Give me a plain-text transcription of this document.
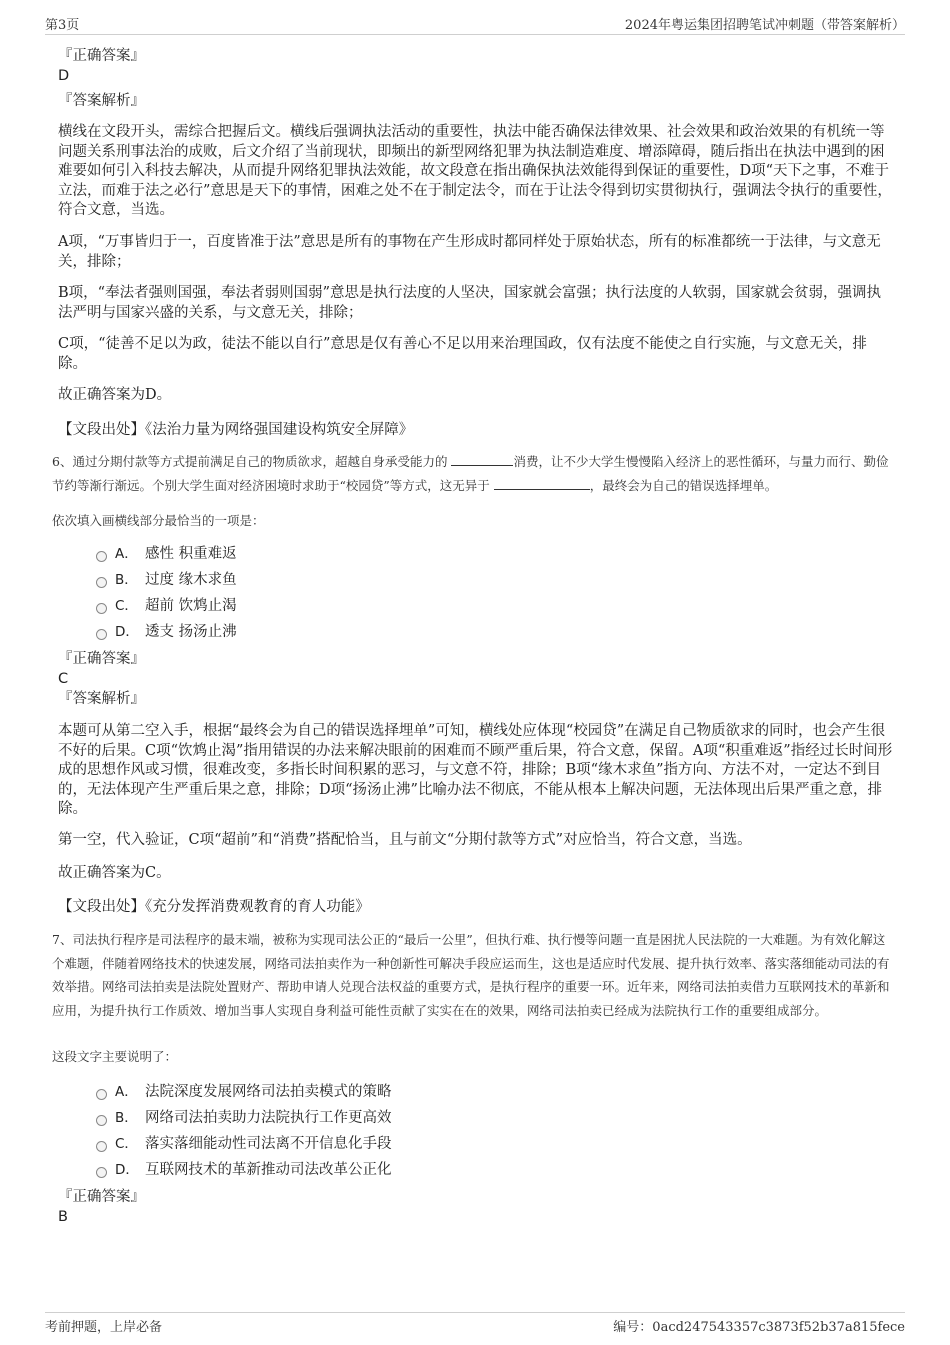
第3页	2024年粤运集团招聘笔试冲刺题（带答案解析）
『正确答案』
D
『答案解析』
横线在文段开头，需综合把握后文。横线后强调执法活动的重要性，执法中能否确保法律效果、社会效果和政治效果的有机统一等问题关系刑事法治的成败，后文介绍了当前现状，即频出的新型网络犯罪为执法制造难度、增添障碍，随后指出在执法中遇到的困难要如何引入科技去解决，从而提升网络犯罪执法效能，故文段意在指出确保执法效能得到保证的重要性，D项“天下之事，不难于立法，而难于法之必行”意思是天下的事情，困难之处不在于制定法令，而在于让法令得到切实贯彻执行，强调法令执行的重要性，符合文意，当选。
A项，“万事皆归于一，百度皆准于法”意思是所有的事物在产生形成时都同样处于原始状态，所有的标准都统一于法律，与文意无关，排除；
B项，“奉法者强则国强，奉法者弱则国弱”意思是执行法度的人坚决，国家就会富强；执行法度的人软弱，国家就会贫弱，强调执法严明与国家兴盛的关系，与文意无关，排除；
C项，“徒善不足以为政，徒法不能以自行”意思是仅有善心不足以用来治理国政，仅有法度不能使之自行实施，与文意无关，排除。
故正确答案为D。
【文段出处】《法治力量为网络强国建设构筑安全屏障》
6、通过分期付款等方式提前满足自己的物质欲求，超越自身承受能力的	消费，让不少大学生慢慢陷入经济上的恶性循环，与量力而行、勤俭节约等渐行渐远。个别大学生面对经济困境时求助于“校园贷”等方式，这无异于	，最终会为自己的错误选择埋单。
依次填入画横线部分最恰当的一项是：
A． 感性 积重难返
B． 过度 缘木求鱼
C． 超前 饮鸩止渴
D． 透支 扬汤止沸
『正确答案』
C
『答案解析』
本题可从第二空入手，根据“最终会为自己的错误选择埋单”可知，横线处应体现“校园贷”在满足自己物质欲求的同时，也会产生很不好的后果。C项“饮鸩止渴”指用错误的办法来解决眼前的困难而不顾严重后果，符合文意，保留。A项“积重难返”指经过长时间形成的思想作风或习惯，很难改变，多指长时间积累的恶习，与文意不符，排除；B项“缘木求鱼”指方向、方法不对，一定达不到目的，无法体现产生严重后果之意，排除；D项“扬汤止沸”比喻办法不彻底，不能从根本上解决问题，无法体现出后果严重之意，排除。
第一空，代入验证，C项“超前”和“消费”搭配恰当，且与前文“分期付款等方式”对应恰当，符合文意，当选。
故正确答案为C。
【文段出处】《充分发挥消费观教育的育人功能》
7、司法执行程序是司法程序的最末端，被称为实现司法公正的“最后一公里”，但执行难、执行慢等问题一直是困扰人民法院的一大难题。为有效化解这个难题，伴随着网络技术的快速发展，网络司法拍卖作为一种创新性可解决手段应运而生，这也是适应时代发展、提升执行效率、落实落细能动司法的有效举措。网络司法拍卖是法院处置财产、帮助申请人兑现合法权益的重要方式，是执行程序的重要一环。近年来，网络司法拍卖借力互联网技术的革新和应用，为提升执行工作质效、增加当事人实现自身利益可能性贡献了实实在在的效果，网络司法拍卖已经成为法院执行工作的重要组成部分。
这段文字主要说明了：
A． 法院深度发展网络司法拍卖模式的策略
B． 网络司法拍卖助力法院执行工作更高效
C． 落实落细能动性司法离不开信息化手段
D． 互联网技术的革新推动司法改革公正化
『正确答案』
B
考前押题，上岸必备	编号：0acd247543357c3873f52b37a815fece
